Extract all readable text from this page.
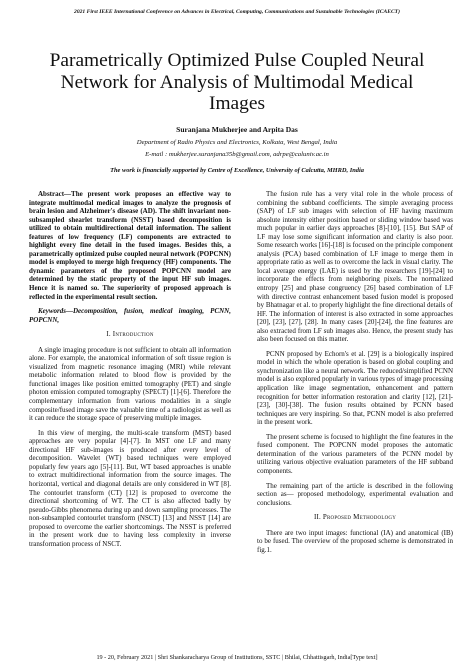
2021 First IEEE International Conference on Advances in Electrical, Computing, Communications and Sustainable Technologies (ICAECT)
Parametrically Optimized Pulse Coupled Neural Network for Analysis of Multimodal Medical Images
Suranjana Mukherjee and Arpita Das
Department of Radio Physics and Electronics, Kolkata, West Bengal, India
E-mail : mukherjee.suranjana35b@gmail.com, adrpe@caluniv.ac.in
The work is financially supported by Centre of Excellence, University of Calcutta, MHRD, India

Abstract—The present work proposes an effective way to integrate multimodal medical images to analyze the prognosis of brain lesion and Alzheimer's disease (AD). The shift invariant non-subsampled shearlet transform (NSST) based decomposition is utilized to obtain multidirectional detail information. The salient features of low frequency (LF) components are extracted to highlight every fine detail in the fused images. Besides this, a parametrically optimized pulse coupled neural network (POPCNN) model is employed to merge high frequency (HF) components. The dynamic parameters of the proposed POPCNN model are determined by the static property of the input HF sub images. Hence it is named so. The superiority of proposed approach is reflected in the experimental result section.

Keywords—Decomposition, fusion, medical imaging, PCNN, POPCNN,

I. Introduction

A single imaging procedure is not sufficient to obtain all information alone. For example, the anatomical information of soft tissue region is visualized from magnetic resonance imaging (MRI) while relevant metabolic information related to blood flow is provided by the functional images like position emitted tomography (PET) and single photon emission computed tomography (SPECT) [1]-[6]. Therefore the complementary information from various modalities in a single composite/fused image save the valuable time of a radiologist as well as it can reduce the storage space of preserving multiple images.

In this view of merging, the multi-scale transform (MST) based approaches are very popular [4]-[7]. In MST one LF and many directional HF sub-images is produced after every level of decomposition. Wavelet (WT) based techniques were employed popularly few years ago [5]-[11]. But, WT based approaches is unable to extract multidirectional information from the source images. The horizontal, vertical and diagonal details are only considered in WT [8]. The contourlet transform (CT) [12] is proposed to overcome the directional shortcoming of WT. The CT is also affected badly by pseudo-Gibbs phenomena during up and down sampling processes. The non-subsampled contourlet transform (NSCT) [13] and NSST [14] are proposed to overcome the earlier shortcomings. The NSST is preferred in the present work due to having less complexity in inverse transformation process of NSCT.

The fusion rule has a very vital role in the whole process of combining the subband coefficients. The simple averaging process (SAP) of LF sub images with selection of HF having maximum absolute intensity either position based or sliding window based was much popular in earlier days approaches [8]-[10], [15]. But SAP of LF may lose some significant information and clarity is also poor. Some research works [16]-[18] is focused on the principle component analysis (PCA) based combination of LF image to merge them in appropriate ratio as well as to overcome the lack in visual clarity. The local average energy (LAE) is used by the researchers [19]-[24] to incorporate the effects from neighboring pixels. The normalized entropy [25] and phase congruency [26] based combination of LF with directive contrast enhancement based fusion model is proposed by Bhatnagar et al. to properly highlight the fine directional details of HF. The information of interest is also extracted in some approaches [20], [23], [27], [28]. In many cases [20]-[24], the fine features are also extracted from LF sub images also. Hence, the present study has also been focused on this matter.

PCNN proposed by Echorn's et al. [29] is a biologically inspired model in which the whole operation is based on global coupling and synchronization like a neural network. The reduced/simplified PCNN model is also explored popularly in various types of image processing application like image segmentation, enhancement and pattern recognition for better information restoration and clarity [12], [21]-[23], [30]-[38]. The fusion results obtained by PCNN based techniques are very inspiring. So that, PCNN model is also preferred in the present work.

The present scheme is focused to highlight the fine features in the fused component. The POPCNN model proposes the automatic determination of the various parameters of the PCNN model by utilizing various objective evaluation parameters of the HF subband components.

The remaining part of the article is described in the following section as— proposed methodology, experimental evaluation and conclusions.

II. Proposed Methodology

There are two input images: functional (IA) and anatomical (IB) to be fused. The overview of the proposed scheme is demonstrated in fig.1.

19 - 20, February 2021 | Shri Shankaracharya Group of Institutions, SSTC | Bhilai, Chhattisgarh, India[Type text]
